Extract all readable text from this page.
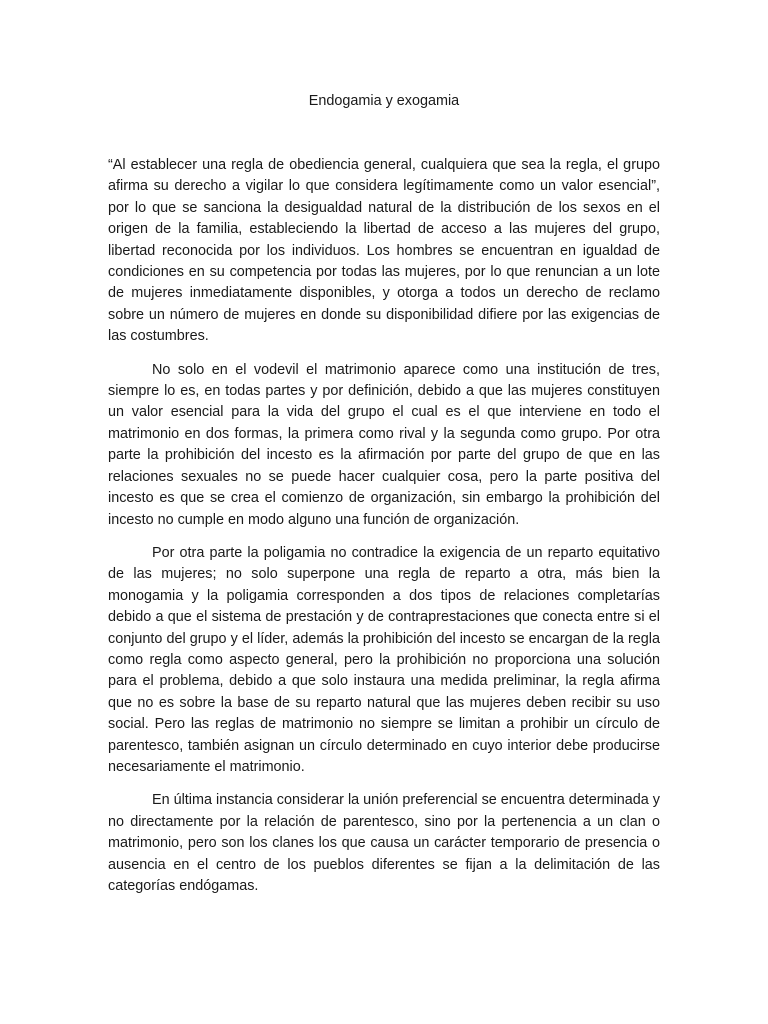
Endogamia y exogamia

“Al establecer una regla de obediencia general, cualquiera que sea la regla, el grupo afirma su derecho a vigilar lo que considera legítimamente como un valor esencial”, por lo que se sanciona la desigualdad natural de la distribución de los sexos en el origen de la familia, estableciendo la libertad de acceso a las mujeres del grupo, libertad reconocida por los individuos. Los hombres se encuentran en igualdad de condiciones en su competencia por todas las mujeres, por lo que renuncian a un lote de mujeres inmediatamente disponibles, y otorga a todos un derecho de reclamo sobre un número de mujeres en donde su disponibilidad difiere por las exigencias de las costumbres.

No solo en el vodevil el matrimonio aparece como una institución de tres, siempre lo es, en todas partes y por definición, debido a que las mujeres constituyen un valor esencial para la vida del grupo el cual es el que interviene en todo el matrimonio en dos formas, la primera como rival y la segunda como grupo. Por otra parte la prohibición del incesto es la afirmación por parte del grupo de que en las relaciones sexuales no se puede hacer cualquier cosa, pero la parte positiva del incesto es que se crea el comienzo de organización, sin embargo la prohibición del incesto no cumple en modo alguno una función de organización.

Por otra parte la poligamia no contradice la exigencia de un reparto equitativo de las mujeres; no solo superpone una regla de reparto a otra, más bien la monogamia y la poligamia corresponden a dos tipos de relaciones completarías debido a que el sistema de prestación y de contraprestaciones que conecta entre si el conjunto del grupo y el líder, además la prohibición del incesto se encargan de la regla como regla como aspecto general, pero la prohibición no proporciona una solución para el problema, debido a que solo instaura una medida preliminar, la regla afirma que no es sobre la base de su reparto natural que las mujeres deben recibir su uso social. Pero las reglas de matrimonio no siempre se limitan a prohibir un círculo de parentesco, también asignan un círculo determinado en cuyo interior debe producirse necesariamente el matrimonio.

En última instancia considerar la unión preferencial se encuentra determinada y no directamente por la relación de parentesco, sino por la pertenencia a un clan o matrimonio, pero son los clanes los que causa un carácter temporario de presencia o ausencia en el centro de los pueblos diferentes se fijan a la delimitación de las categorías endógamas.
